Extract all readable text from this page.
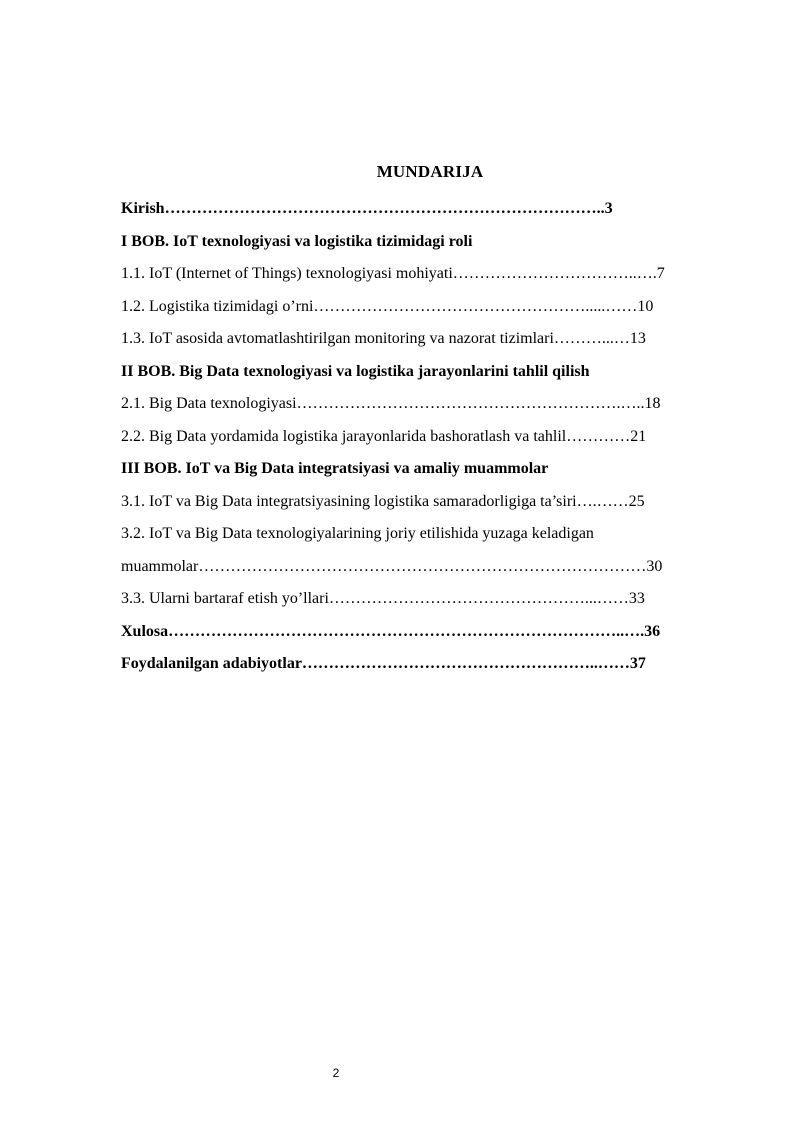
MUNDARIJA
Kirish………………………………………………………………………..3
I BOB. IoT texnologiyasi va logistika tizimidagi roli
1.1. IoT (Internet of Things) texnologiyasi mohiyati……………………………..….7
1.2. Logistika tizimidagi o’rni…………………………………………….....……10
1.3. IoT asosida avtomatlashtirilgan monitoring va nazorat tizimlari………...…13
II BOB. Big Data texnologiyasi va logistika jarayonlarini tahlil qilish
2.1. Big Data texnologiyasi…………………………………………………….…..18
2.2. Big Data yordamida logistika jarayonlarida bashoratlash va tahlil…………21
III BOB. IoT va Big Data integratsiyasi va amaliy muammolar
3.1. IoT va Big Data integratsiyasining logistika samaradorligiga ta’siri….……25
3.2. IoT va Big Data texnologiyalarining joriy etilishida yuzaga keladigan
muammolar…………………………………………………………………………30
3.3. Ularni bartaraf etish yo’llari…………………………………………...……33
Xulosa…………………………………………………………………………..….36
Foydalanilgan adabiyotlar………………………………………………..……37
2
